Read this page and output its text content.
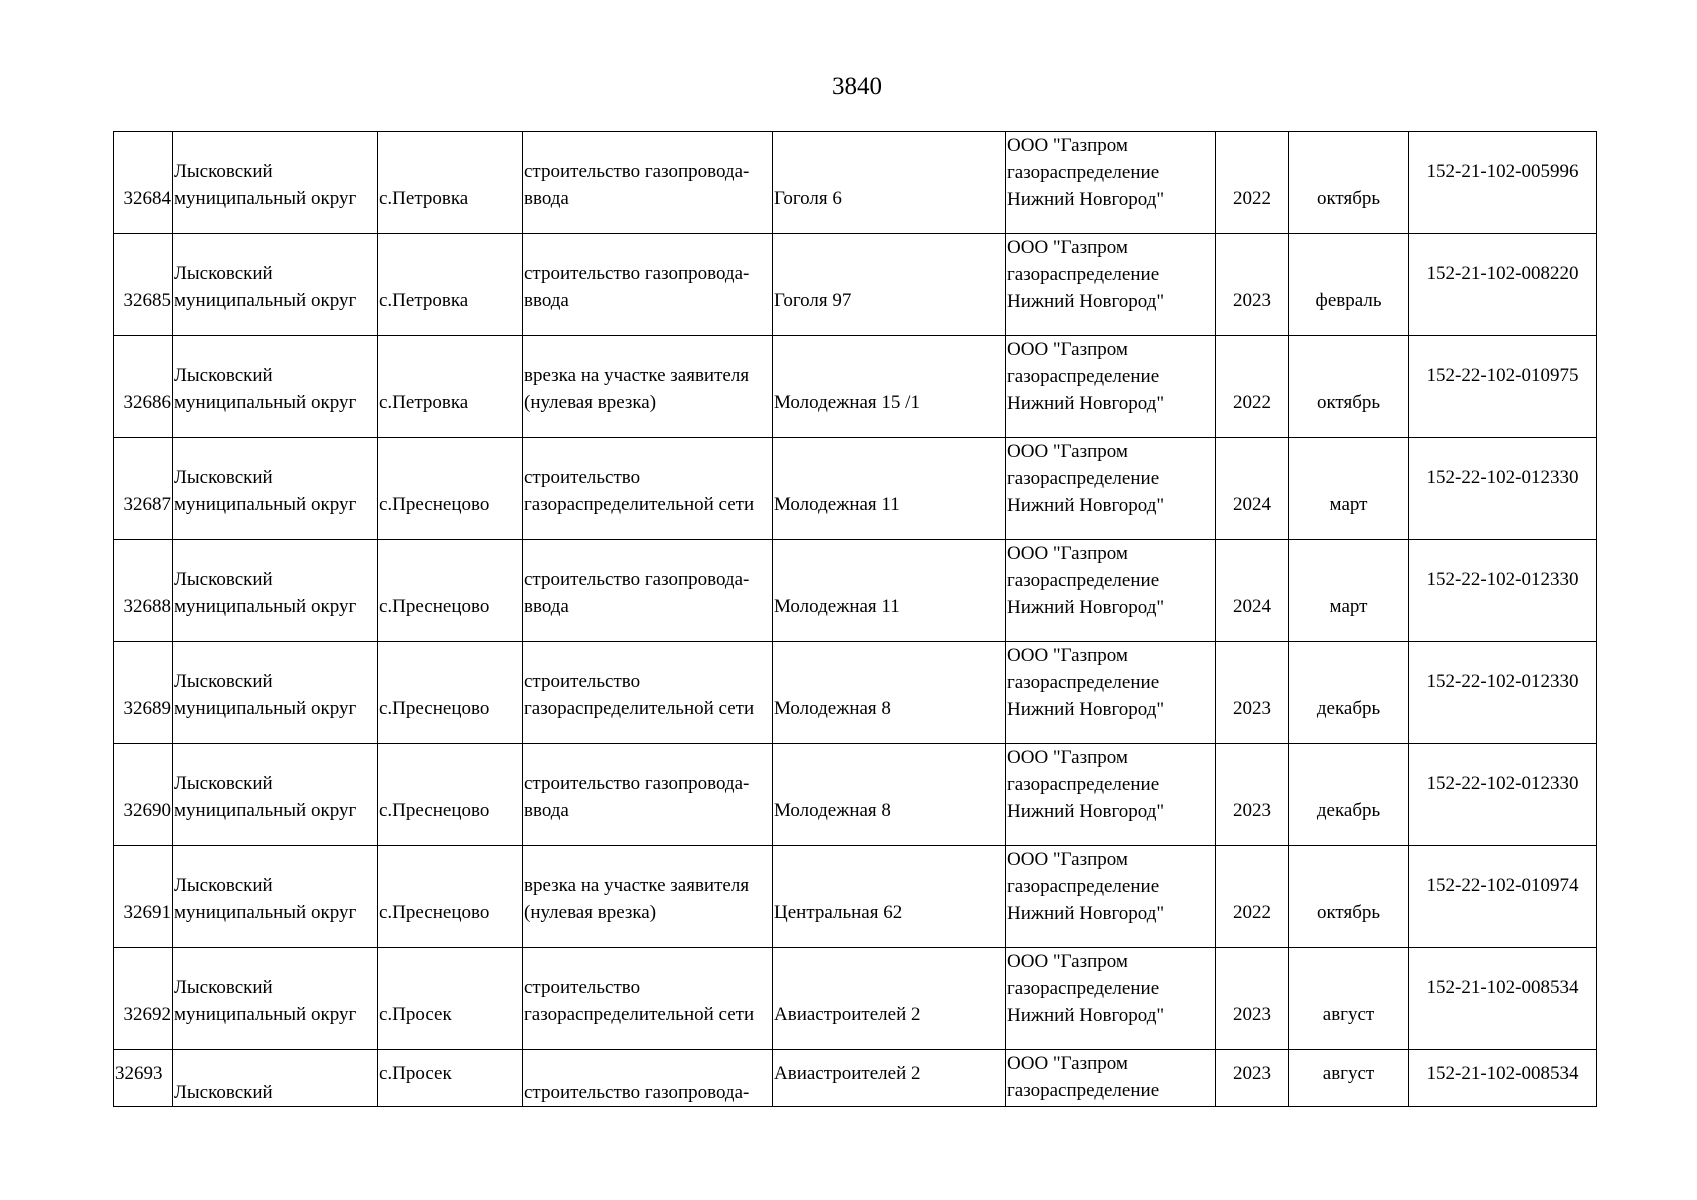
3840
32684	Лысковский
муниципальный округ	с.Петровка	строительство газопровода-
ввода	Гоголя 6	ООО "Газпром
газораспределение
Нижний Новгород"	2022	октябрь	152-21-102-005996

32685	Лысковский
муниципальный округ	с.Петровка	строительство газопровода-
ввода	Гоголя 97	ООО "Газпром
газораспределение
Нижний Новгород"	2023	февраль	152-21-102-008220

32686	Лысковский
муниципальный округ	с.Петровка	врезка на участке заявителя
(нулевая врезка)	Молодежная 15 /1	ООО "Газпром
газораспределение
Нижний Новгород"	2022	октябрь	152-22-102-010975

32687	Лысковский
муниципальный округ	с.Преснецово	строительство
газораспределительной сети	Молодежная 11	ООО "Газпром
газораспределение
Нижний Новгород"	2024	март	152-22-102-012330

32688	Лысковский
муниципальный округ	с.Преснецово	строительство газопровода-
ввода	Молодежная 11	ООО "Газпром
газораспределение
Нижний Новгород"	2024	март	152-22-102-012330

32689	Лысковский
муниципальный округ	с.Преснецово	строительство
газораспределительной сети	Молодежная 8	ООО "Газпром
газораспределение
Нижний Новгород"	2023	декабрь	152-22-102-012330

32690	Лысковский
муниципальный округ	с.Преснецово	строительство газопровода-
ввода	Молодежная 8	ООО "Газпром
газораспределение
Нижний Новгород"	2023	декабрь	152-22-102-012330

32691	Лысковский
муниципальный округ	с.Преснецово	врезка на участке заявителя
(нулевая врезка)	Центральная 62	ООО "Газпром
газораспределение
Нижний Новгород"	2022	октябрь	152-22-102-010974

32692	Лысковский
муниципальный округ	с.Просек	строительство
газораспределительной сети	Авиастроителей 2	ООО "Газпром
газораспределение
Нижний Новгород"	2023	август	152-21-102-008534

32693	Лысковский	с.Просек	строительство газопровода-	Авиастроителей 2	ООО "Газпром
газораспределение	2023	август	152-21-102-008534
